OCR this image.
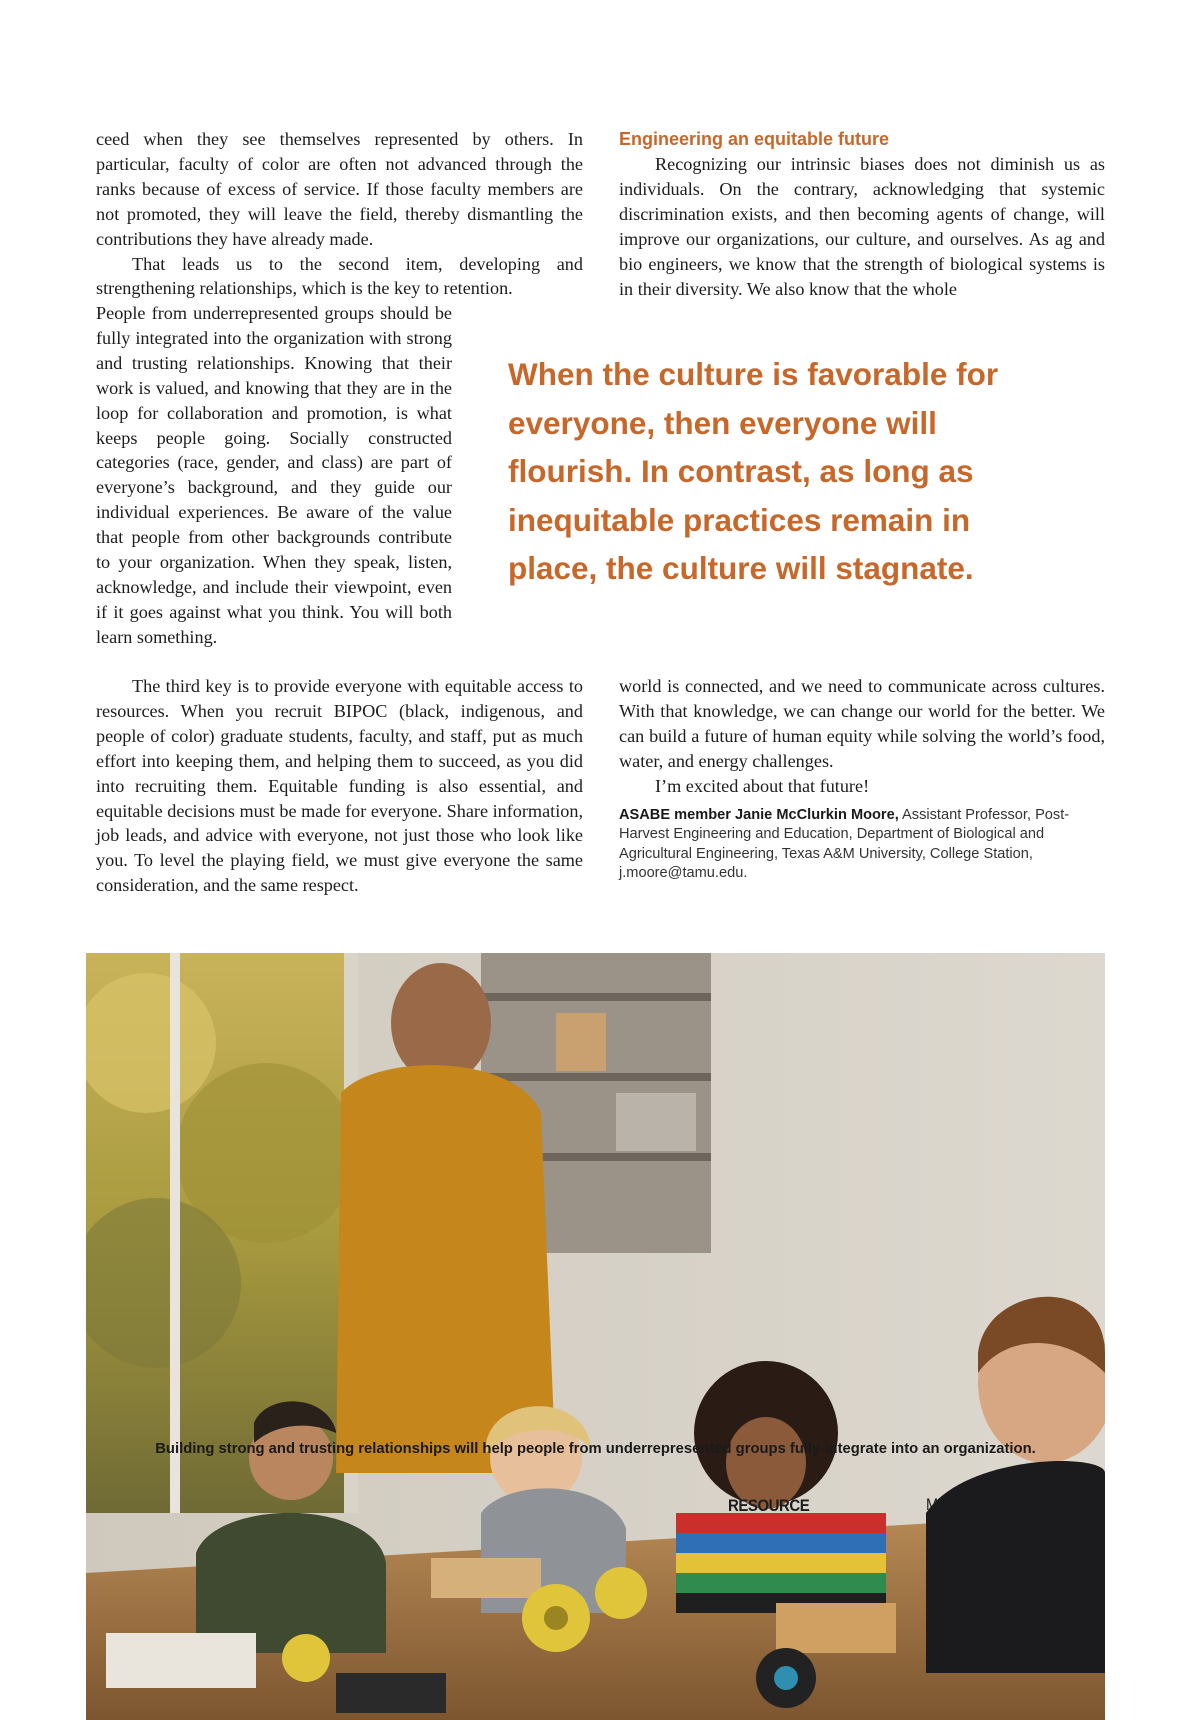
ceed when they see themselves represented by others. In particular, faculty of color are often not advanced through the ranks because of excess of service. If those faculty members are not promoted, they will leave the field, thereby dismantling the contributions they have already made.

That leads us to the second item, developing and strengthening relationships, which is the key to retention.

People from underrepresented groups should be fully integrated into the organization with strong and trusting relationships. Knowing that their work is valued, and knowing that they are in the loop for collaboration and promotion, is what keeps people going. Socially constructed categories (race, gender, and class) are part of everyone’s background, and they guide our individual experiences. Be aware of the value that people from other backgrounds contribute to your organization. When they speak, listen, acknowledge, and include their viewpoint, even if it goes against what you think. You will both learn something.

The third key is to provide everyone with equitable access to resources. When you recruit BIPOC (black, indigenous, and people of color) graduate students, faculty, and staff, put as much effort into keeping them, and helping them to succeed, as you did into recruiting them. Equitable funding is also essential, and equitable decisions must be made for everyone. Share information, job leads, and advice with everyone, not just those who look like you. To level the playing field, we must give everyone the same consideration, and the same respect.

Engineering an equitable future

Recognizing our intrinsic biases does not diminish us as individuals. On the contrary, acknowledging that systemic discrimination exists, and then becoming agents of change, will improve our organizations, our culture, and ourselves. As ag and bio engineers, we know that the strength of biological systems is in their diversity. We also know that the whole

world is connected, and we need to communicate across cultures. With that knowledge, we can change our world for the better. We can build a future of human equity while solving the world’s food, water, and energy challenges.

I’m excited about that future!

ASABE member Janie McClurkin Moore, Assistant Professor, Post-Harvest Engineering and Education, Department of Biological and Agricultural Engineering, Texas A&M University, College Station, j.moore@tamu.edu.

When the culture is favorable for everyone, then everyone will flourish. In contrast, as long as inequitable practices remain in place, the culture will stagnate.

Building strong and trusting relationships will help people from underrepresented groups fully integrate into an organization.

RESOURCE	May/June 2021	9
